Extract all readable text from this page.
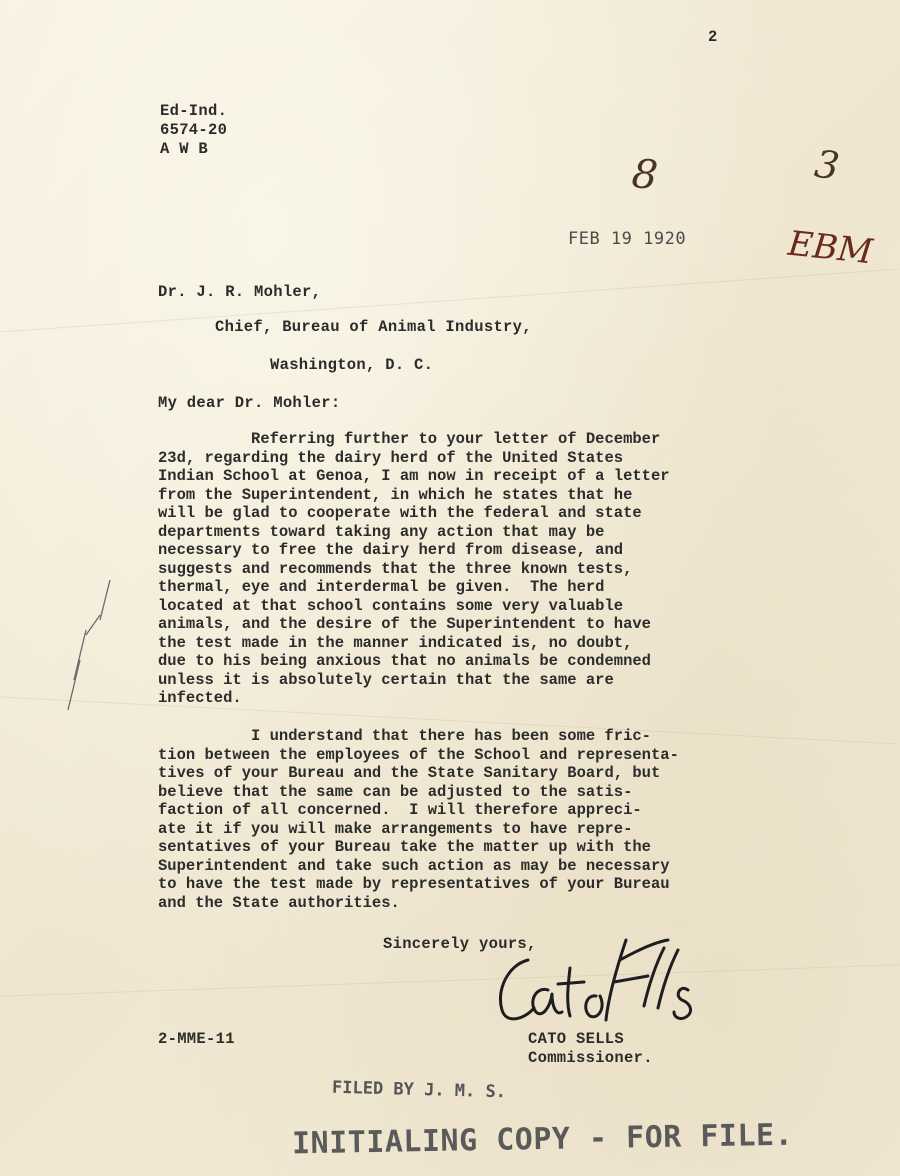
2
Ed-Ind.
6574-20
A W B
8	3
EBM
FEB 19 1920
Dr. J. R. Mohler,
Chief, Bureau of Animal Industry,
Washington, D. C.
My dear Dr. Mohler:
Referring further to your letter of December
23d, regarding the dairy herd of the United States
Indian School at Genoa, I am now in receipt of a letter
from the Superintendent, in which he states that he
will be glad to cooperate with the federal and state
departments toward taking any action that may be
necessary to free the dairy herd from disease, and
suggests and recommends that the three known tests,
thermal, eye and interdermal be given.  The herd
located at that school contains some very valuable
animals, and the desire of the Superintendent to have
the test made in the manner indicated is, no doubt,
due to his being anxious that no animals be condemned
unless it is absolutely certain that the same are
infected.
I understand that there has been some fric-
tion between the employees of the School and representa-
tives of your Bureau and the State Sanitary Board, but
believe that the same can be adjusted to the satis-
faction of all concerned.  I will therefore appreci-
ate it if you will make arrangements to have repre-
sentatives of your Bureau take the matter up with the
Superintendent and take such action as may be necessary
to have the test made by representatives of your Bureau
and the State authorities.
Sincerely yours,
CATO SELLS
Commissioner.
2-MME-11
FILED BY J. M. S.
INITIALING COPY - FOR FILE.
